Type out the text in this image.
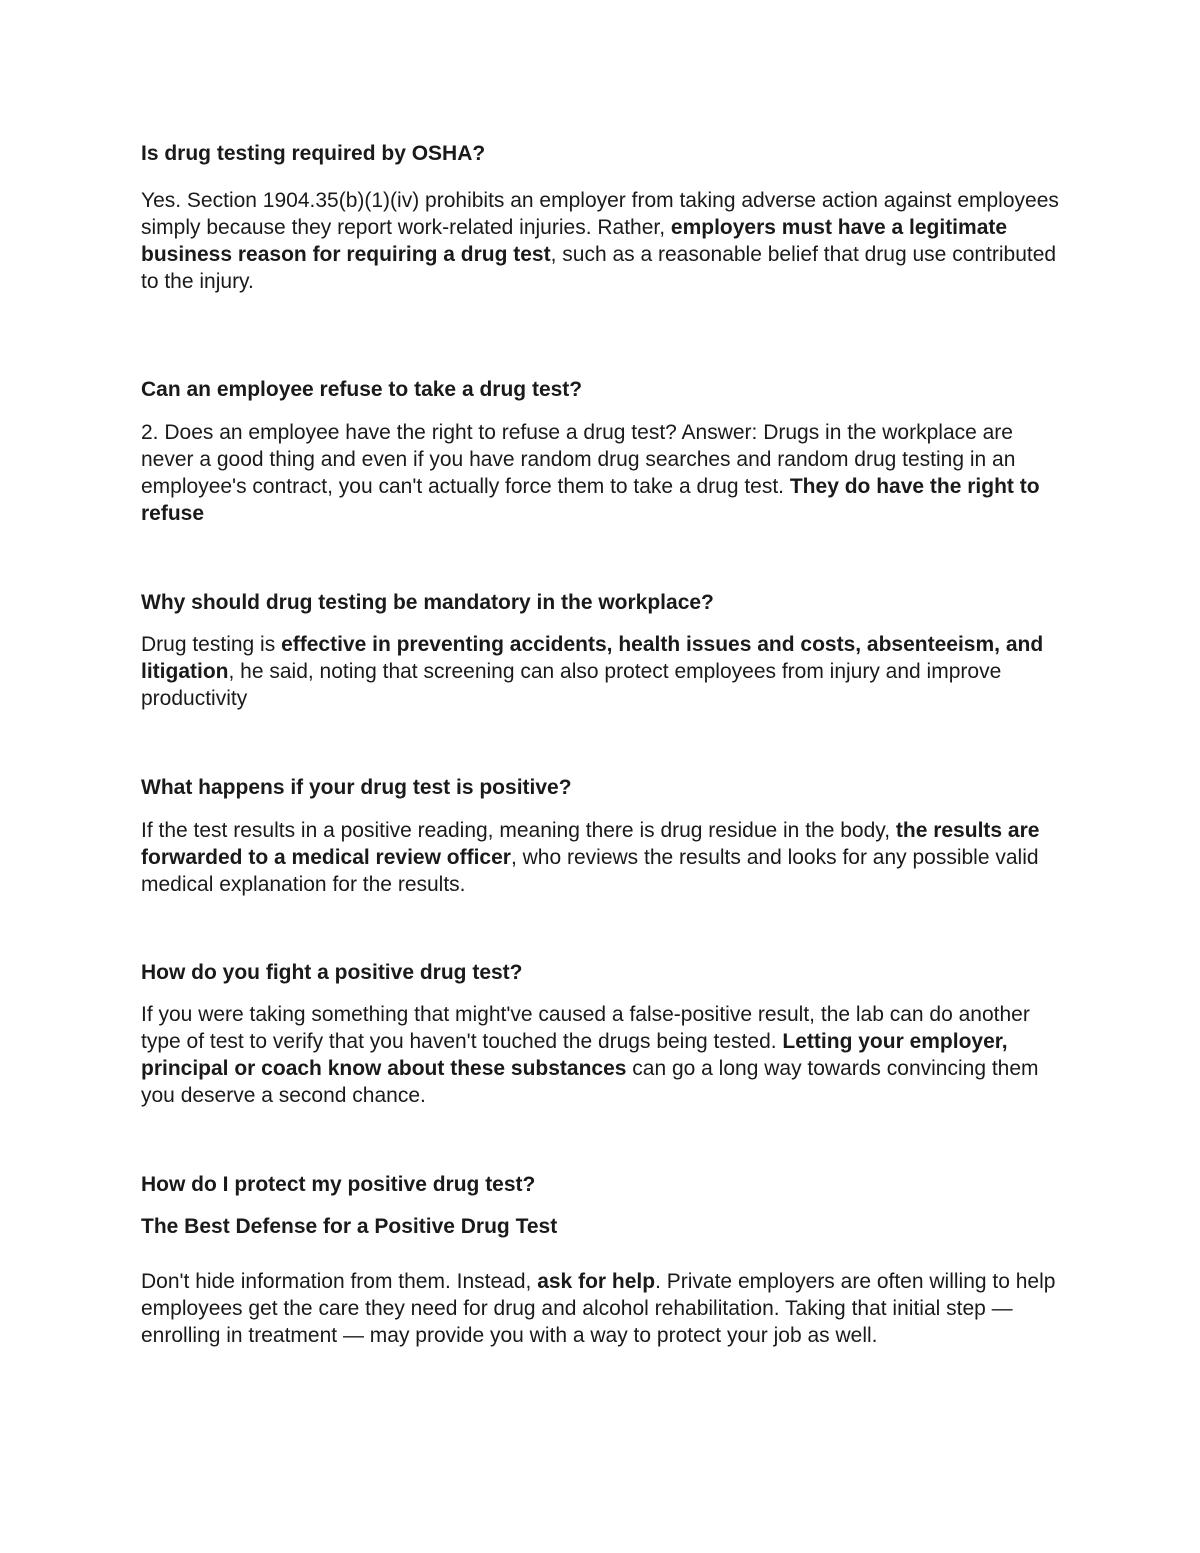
Is drug testing required by OSHA?

Yes. Section 1904.35(b)(1)(iv) prohibits an employer from taking adverse action against employees simply because they report work-related injuries. Rather, employers must have a legitimate business reason for requiring a drug test, such as a reasonable belief that drug use contributed to the injury.

Can an employee refuse to take a drug test?

2. Does an employee have the right to refuse a drug test? Answer: Drugs in the workplace are never a good thing and even if you have random drug searches and random drug testing in an employee's contract, you can't actually force them to take a drug test. They do have the right to refuse

Why should drug testing be mandatory in the workplace?

Drug testing is effective in preventing accidents, health issues and costs, absenteeism, and litigation, he said, noting that screening can also protect employees from injury and improve productivity

What happens if your drug test is positive?

If the test results in a positive reading, meaning there is drug residue in the body, the results are forwarded to a medical review officer, who reviews the results and looks for any possible valid medical explanation for the results.

How do you fight a positive drug test?

If you were taking something that might've caused a false-positive result, the lab can do another type of test to verify that you haven't touched the drugs being tested. Letting your employer, principal or coach know about these substances can go a long way towards convincing them you deserve a second chance.

How do I protect my positive drug test?

The Best Defense for a Positive Drug Test

Don't hide information from them. Instead, ask for help. Private employers are often willing to help employees get the care they need for drug and alcohol rehabilitation. Taking that initial step — enrolling in treatment — may provide you with a way to protect your job as well.
